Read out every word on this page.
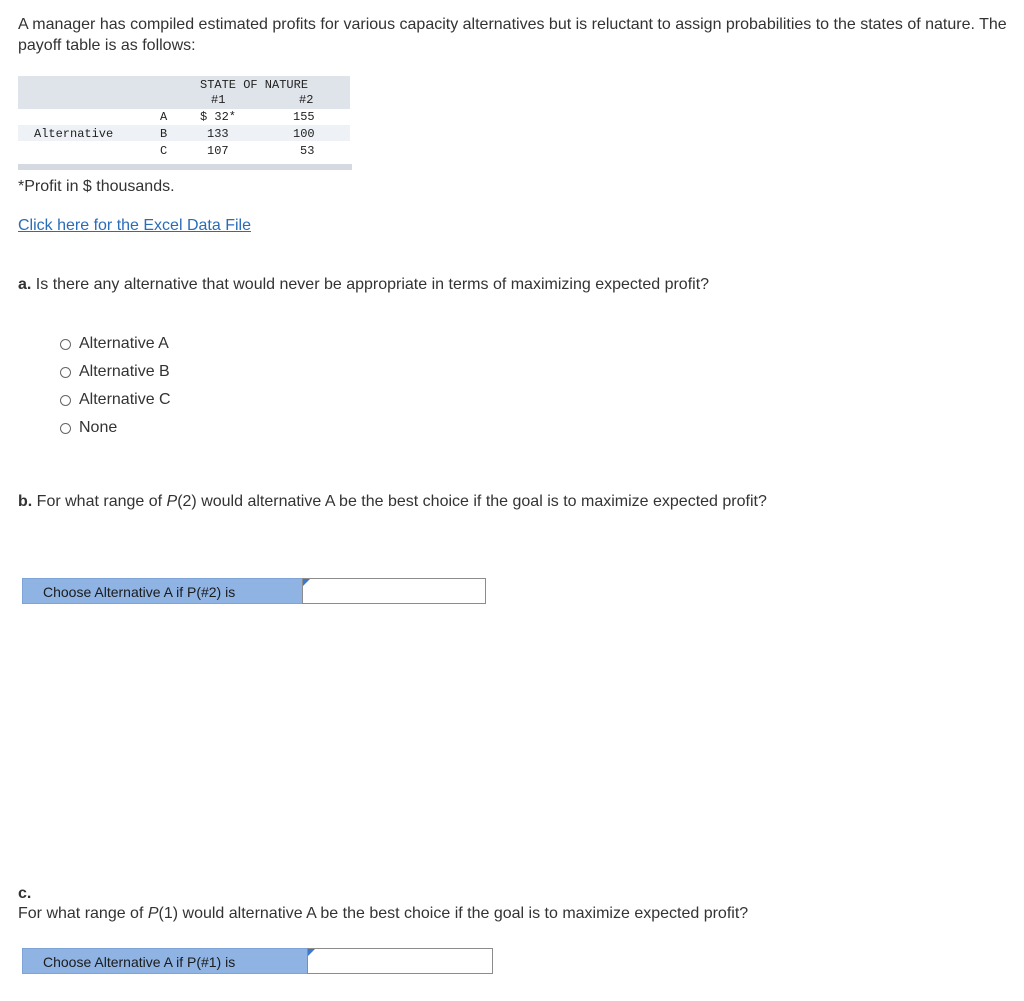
A manager has compiled estimated profits for various capacity alternatives but is reluctant to assign probabilities to the states of nature. The payoff table is as follows:

STATE OF NATURE
#1	#2
Alternative
A	$ 32*	155
B	133	100
C	107	53
*Profit in $ thousands.
Click here for the Excel Data File

a. Is there any alternative that would never be appropriate in terms of maximizing expected profit?

Alternative A
Alternative B
Alternative C
None

b. For what range of P(2) would alternative A be the best choice if the goal is to maximize expected profit?

Choose Alternative A if P(#2) is

c.
For what range of P(1) would alternative A be the best choice if the goal is to maximize expected profit?

Choose Alternative A if P(#1) is
